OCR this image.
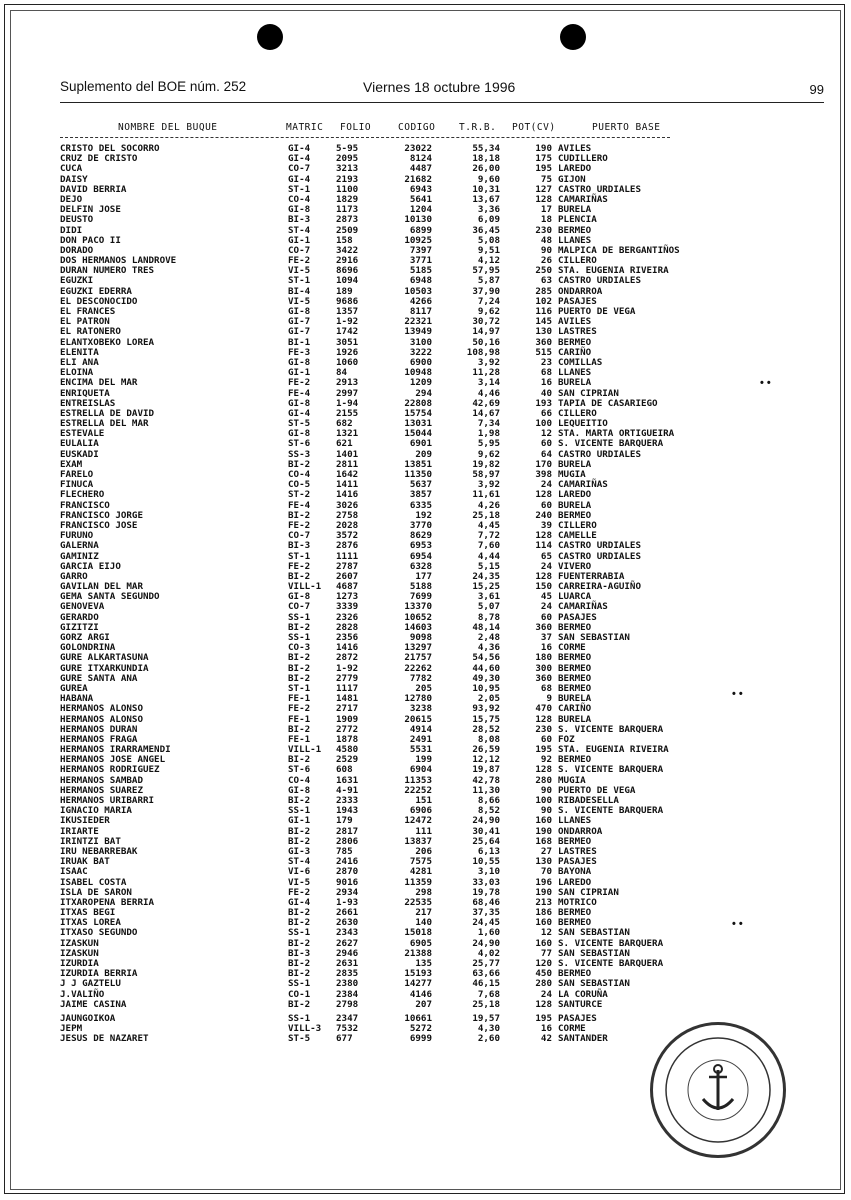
Suplemento del BOE núm. 252	Viernes 18 octubre 1996	99
NOMBRE DEL BUQUE	MATRIC FOLIO	CODIGO T.R.B. POT(CV)	PUERTO BASE
CRISTO DEL SOCORRO	GI-4	5-95	23022	55,34	190 AVILES
CRUZ DE CRISTO	GI-4	2095	8124	18,18	175 CUDILLERO
CUCA	CO-7	3213	4487	26,00	195 LAREDO
DAISY	GI-4	2193	21682	9,60	75 GIJON
DAVID BERRIA	ST-1	1100	6943	10,31	127 CASTRO URDIALES
DEJO	CO-4	1829	5641	13,67	128 CAMARIÑAS
DELFIN JOSE	GI-8	1173	1204	3,36	17 BURELA
DEUSTO	BI-3	2873	10130	6,09	18 PLENCIA
DIDI	ST-4	2509	6899	36,45	230 BERMEO
DON PACO II	GI-1	158	10925	5,08	48 LLANES
DORADO	CO-7	3422	7397	9,51	90 MALPICA DE BERGANTIÑOS
DOS HERMANOS LANDROVE	FE-2	2916	3771	4,12	26 CILLERO
DURAN NUMERO TRES	VI-5	8696	5185	57,95	250 STA. EUGENIA RIVEIRA
EGUZKI	ST-1	1094	6948	5,87	63 CASTRO URDIALES
EGUZKI EDERRA	BI-4	189	10503	37,90	285 ONDARROA
EL DESCONOCIDO	VI-5	9686	4266	7,24	102 PASAJES
EL FRANCES	GI-8	1357	8117	9,62	116 PUERTO DE VEGA
EL PATRON	GI-7	1-92	22321	30,72	145 AVILES
EL RATONERO	GI-7	1742	13949	14,97	130 LASTRES
ELANTXOBEKO LOREA	BI-1	3051	3100	50,16	360 BERMEO
ELENITA	FE-3	1926	3222	108,98	515 CARIÑO
ELI ANA	GI-8	1060	6900	3,92	23 COMILLAS
ELOINA	GI-1	84	10948	11,28	68 LLANES
ENCIMA DEL MAR	FE-2	2913	1209	3,14	16 BURELA
ENRIQUETA	FE-4	2997	294	4,46	40 SAN CIPRIAN
ENTREISLAS	GI-8	1-94	22808	42,69	193 TAPIA DE CASARIEGO
ESTRELLA DE DAVID	GI-4	2155	15754	14,67	66 CILLERO
ESTRELLA DEL MAR	ST-5	682	13031	7,34	100 LEQUEITIO
ESTEVALE	GI-8	1321	15044	1,98	12 STA. MARTA ORTIGUEIRA
EULALIA	ST-6	621	6901	5,95	60 S. VICENTE BARQUERA
EUSKADI	SS-3	1401	209	9,62	64 CASTRO URDIALES
EXAM	BI-2	2811	13851	19,82	170 BURELA
FARELO	CO-4	1642	11350	58,97	398 MUGIA
FINUCA	CO-5	1411	5637	3,92	24 CAMARIÑAS
FLECHERO	ST-2	1416	3857	11,61	128 LAREDO
FRANCISCO	FE-4	3026	6335	4,26	60 BURELA
FRANCISCO JORGE	BI-2	2758	192	25,18	240 BERMEO
FRANCISCO JOSE	FE-2	2028	3770	4,45	39 CILLERO
FURUNO	CO-7	3572	8629	7,72	128 CAMELLE
GALERNA	BI-3	2876	6953	7,60	114 CASTRO URDIALES
GAMINIZ	ST-1	1111	6954	4,44	65 CASTRO URDIALES
GARCIA EIJO	FE-2	2787	6328	5,15	24 VIVERO
GARRO	BI-2	2607	177	24,35	128 FUENTERRABIA
GAVILAN DEL MAR	VILL-1 4687	5188	15,25	150 CARREIRA-AGUIÑO
GEMA SANTA SEGUNDO	GI-8	1273	7699	3,61	45 LUARCA
GENOVEVA	CO-7	3339	13370	5,07	24 CAMARIÑAS
GERARDO	SS-1	2326	10652	8,78	60 PASAJES
GIZITZI	BI-2	2828	14603	48,14	360 BERMEO
GORZ ARGI	SS-1	2356	9098	2,48	37 SAN SEBASTIAN
GOLONDRINA	CO-3	1416	13297	4,36	16 CORME
GURE ALKARTASUNA	BI-2	2872	21757	54,56	180 BERMEO
GURE ITXARKUNDIA	BI-2	1-92	22262	44,60	300 BERMEO
GURE SANTA ANA	BI-2	2779	7782	49,30	360 BERMEO
GUREA	ST-1	1117	205	10,95	68 BERMEO
HABANA	FE-1	1481	12780	2,05	9 BURELA
HERMANOS ALONSO	FE-2	2717	3238	93,92	470 CARIÑO
HERMANOS ALONSO	FE-1	1909	20615	15,75	128 BURELA
HERMANOS DURAN	BI-2	2772	4914	28,52	230 S. VICENTE BARQUERA
HERMANOS FRAGA	FE-1	1878	2491	8,08	60 FOZ
HERMANOS IRARRAMENDI	VILL-1 4580	5531	26,59	195 STA. EUGENIA RIVEIRA
HERMANOS JOSE ANGEL	BI-2	2529	199	12,12	92 BERMEO
HERMANOS RODRIGUEZ	ST-6	608	6904	19,87	128 S. VICENTE BARQUERA
HERMANOS SAMBAD	CO-4	1631	11353	42,78	280 MUGIA
HERMANOS SUAREZ	GI-8	4-91	22252	11,30	90 PUERTO DE VEGA
HERMANOS URIBARRI	BI-2	2333	151	8,66	100 RIBADESELLA
IGNACIO MARIA	SS-1	1943	6906	8,52	90 S. VICENTE BARQUERA
IKUSIEDER	GI-1	179	12472	24,90	160 LLANES
IRIARTE	BI-2	2817	111	30,41	190 ONDARROA
IRINTZI BAT	BI-2	2806	13837	25,64	168 BERMEO
IRU NEBARREBAK	GI-3	785	206	6,13	27 LASTRES
IRUAK BAT	ST-4	2416	7575	10,55	130 PASAJES
ISAAC	VI-6	2870	4281	3,10	70 BAYONA
ISABEL COSTA	VI-5	9016	11359	33,03	196 LAREDO
ISLA DE SARON	FE-2	2934	298	19,78	190 SAN CIPRIAN
ITXAROPENA BERRIA	GI-4	1-93	22535	68,46	213 MOTRICO
ITXAS BEGI	BI-2	2661	217	37,35	186 BERMEO
ITXAS LOREA	BI-2	2630	140	24,45	160 BERMEO
ITXASO SEGUNDO	SS-1	2343	15018	1,60	12 SAN SEBASTIAN
IZASKUN	BI-2	2627	6905	24,90	160 S. VICENTE BARQUERA
IZASKUN	BI-3	2946	21388	4,02	77 SAN SEBASTIAN
IZURDIA	BI-2	2631	135	25,77	120 S. VICENTE BARQUERA
IZURDIA BERRIA	BI-2	2835	15193	63,66	450 BERMEO
J J GAZTELU	SS-1	2380	14277	46,15	280 SAN SEBASTIAN
J.VALIÑO	CO-1	2384	4146	7,68	24 LA CORUÑA
JAIME CASINA	BI-2	2798	207	25,18	128 SANTURCE
JAUNGOIKOA	SS-1	2347	10661	19,57	195 PASAJES
JEPM	VILL-3 7532	5272	4,30	16 CORME
JESUS DE NAZARET	ST-5	677	6999	2,60	42 SANTANDER
• •
• •
• •
